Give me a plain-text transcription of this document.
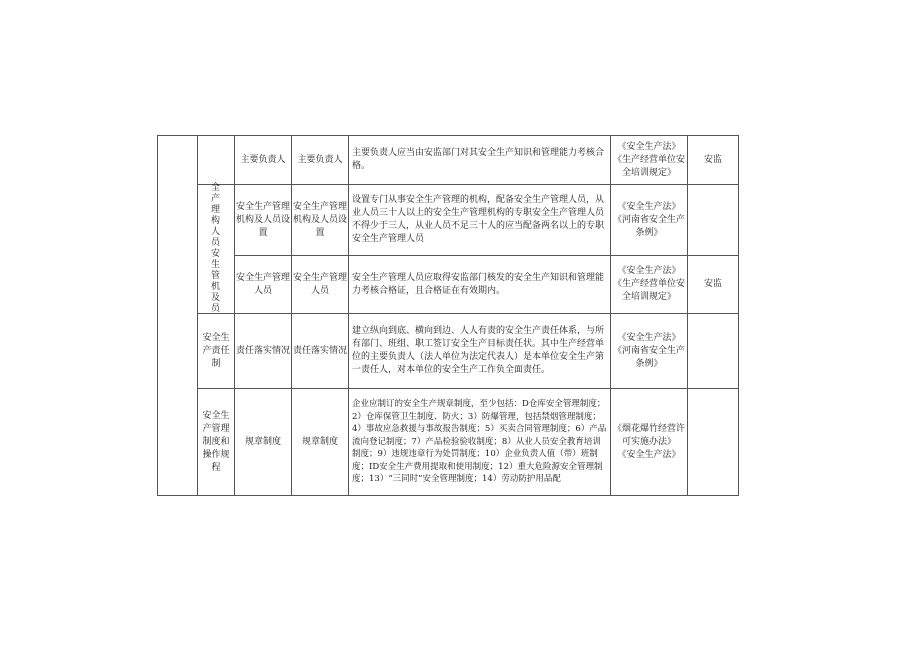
全产理构人员安生管机及员
主要负责人 主要负责人
主要负责人应当由安监部门对其安全生产知识和管理能力考核合格。
《安全生产法》
《生产经营单位安全培训规定》
安监
安全生产管理机构及人员设置
安全生产管理机构及人员设置
设置专门从事安全生产管理的机构，配备安全生产管理人员，从业人员三十人以上的安全生产管理机构的专职安全生产管理人员不得少于三人，从业人员不足三十人的应当配备两名以上的专职安全生产管理人员
《安全生产法》
《河南省安全生产条例》
安全生产管理人员
安全生产管理人员
安全生产管理人员应取得安监部门核发的安全生产知识和管理能力考核合格证，且合格证在有效期内。
《安全生产法》
《生产经营单位安全培训规定》
安监
安全生产责任制
责任落实情况 责任落实情况
建立纵向到底、横向到边、人人有责的安全生产责任体系，与所有部门、班组、职工签订安全生产目标责任状。其中生产经营单位的主要负责人（法人单位为法定代表人）是本单位安全生产第一责任人，对本单位的安全生产工作负全面责任。
《安全生产法》
《河南省安全生产条例》
安全生产管理制度和操作规程
规章制度 规章制度
企业应制订的安全生产规章制度，至少包括：D仓库安全管理制度；2）仓库保管卫生制度、防火；3）防爆管理，包括禁烟管理制度；4）事故应急救援与事故报告制度；5）买卖合同管理制度；6）产品流向登记制度；7）产品检验验收制度；8）从业人员安全教育培训制度；9）违规违章行为处罚制度；10）企业负责人值（带）班制度；ID安全生产费用提取和使用制度；12）重大危险源安全管理制度；13）“三同时”安全管理制度；14）劳动防护用品配
《烟花爆竹经营许可实施办法》
《安全生产法》
